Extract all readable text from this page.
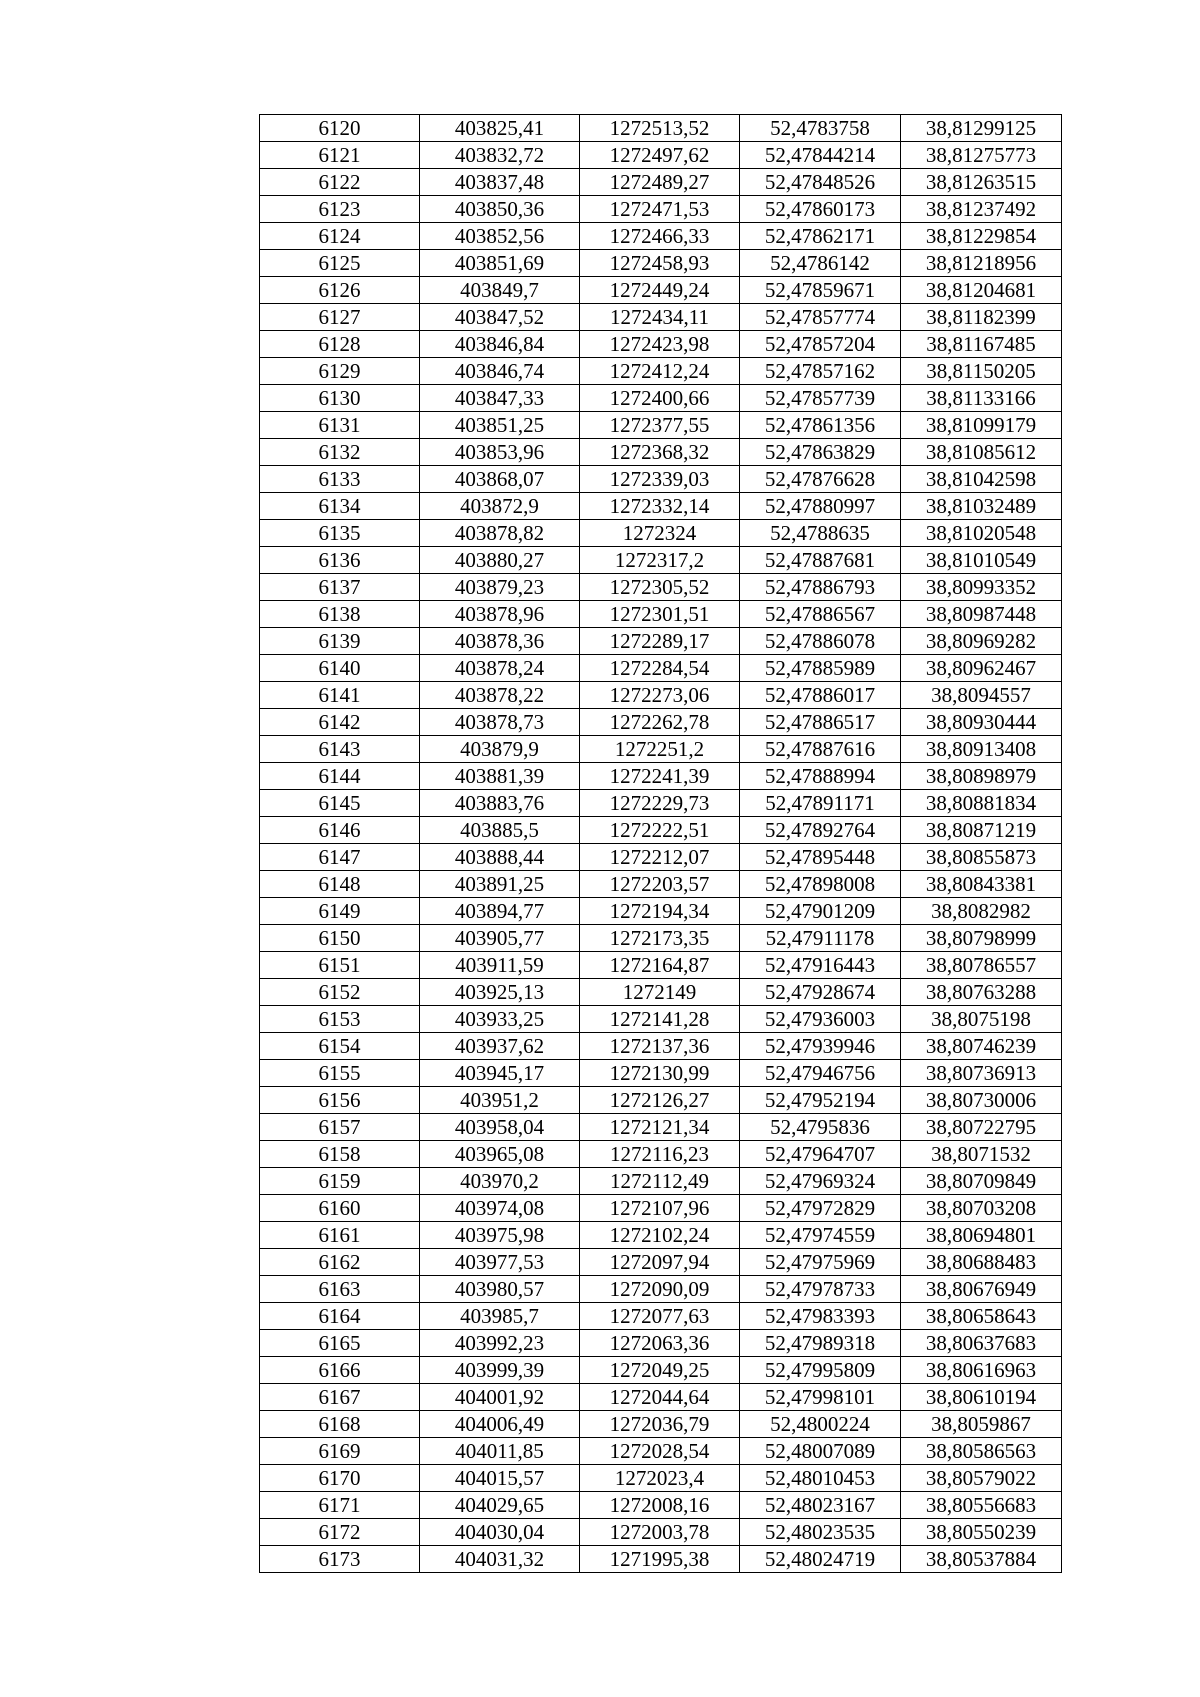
6120	403825,41	1272513,52	52,4783758	38,81299125
6121	403832,72	1272497,62	52,47844214	38,81275773
6122	403837,48	1272489,27	52,47848526	38,81263515
6123	403850,36	1272471,53	52,47860173	38,81237492
6124	403852,56	1272466,33	52,47862171	38,81229854
6125	403851,69	1272458,93	52,4786142	38,81218956
6126	403849,7	1272449,24	52,47859671	38,81204681
6127	403847,52	1272434,11	52,47857774	38,81182399
6128	403846,84	1272423,98	52,47857204	38,81167485
6129	403846,74	1272412,24	52,47857162	38,81150205
6130	403847,33	1272400,66	52,47857739	38,81133166
6131	403851,25	1272377,55	52,47861356	38,81099179
6132	403853,96	1272368,32	52,47863829	38,81085612
6133	403868,07	1272339,03	52,47876628	38,81042598
6134	403872,9	1272332,14	52,47880997	38,81032489
6135	403878,82	1272324	52,4788635	38,81020548
6136	403880,27	1272317,2	52,47887681	38,81010549
6137	403879,23	1272305,52	52,47886793	38,80993352
6138	403878,96	1272301,51	52,47886567	38,80987448
6139	403878,36	1272289,17	52,47886078	38,80969282
6140	403878,24	1272284,54	52,47885989	38,80962467
6141	403878,22	1272273,06	52,47886017	38,8094557
6142	403878,73	1272262,78	52,47886517	38,80930444
6143	403879,9	1272251,2	52,47887616	38,80913408
6144	403881,39	1272241,39	52,47888994	38,80898979
6145	403883,76	1272229,73	52,47891171	38,80881834
6146	403885,5	1272222,51	52,47892764	38,80871219
6147	403888,44	1272212,07	52,47895448	38,80855873
6148	403891,25	1272203,57	52,47898008	38,80843381
6149	403894,77	1272194,34	52,47901209	38,8082982
6150	403905,77	1272173,35	52,47911178	38,80798999
6151	403911,59	1272164,87	52,47916443	38,80786557
6152	403925,13	1272149	52,47928674	38,80763288
6153	403933,25	1272141,28	52,47936003	38,8075198
6154	403937,62	1272137,36	52,47939946	38,80746239
6155	403945,17	1272130,99	52,47946756	38,80736913
6156	403951,2	1272126,27	52,47952194	38,80730006
6157	403958,04	1272121,34	52,4795836	38,80722795
6158	403965,08	1272116,23	52,47964707	38,8071532
6159	403970,2	1272112,49	52,47969324	38,80709849
6160	403974,08	1272107,96	52,47972829	38,80703208
6161	403975,98	1272102,24	52,47974559	38,80694801
6162	403977,53	1272097,94	52,47975969	38,80688483
6163	403980,57	1272090,09	52,47978733	38,80676949
6164	403985,7	1272077,63	52,47983393	38,80658643
6165	403992,23	1272063,36	52,47989318	38,80637683
6166	403999,39	1272049,25	52,47995809	38,80616963
6167	404001,92	1272044,64	52,47998101	38,80610194
6168	404006,49	1272036,79	52,4800224	38,8059867
6169	404011,85	1272028,54	52,48007089	38,80586563
6170	404015,57	1272023,4	52,48010453	38,80579022
6171	404029,65	1272008,16	52,48023167	38,80556683
6172	404030,04	1272003,78	52,48023535	38,80550239
6173	404031,32	1271995,38	52,48024719	38,80537884
